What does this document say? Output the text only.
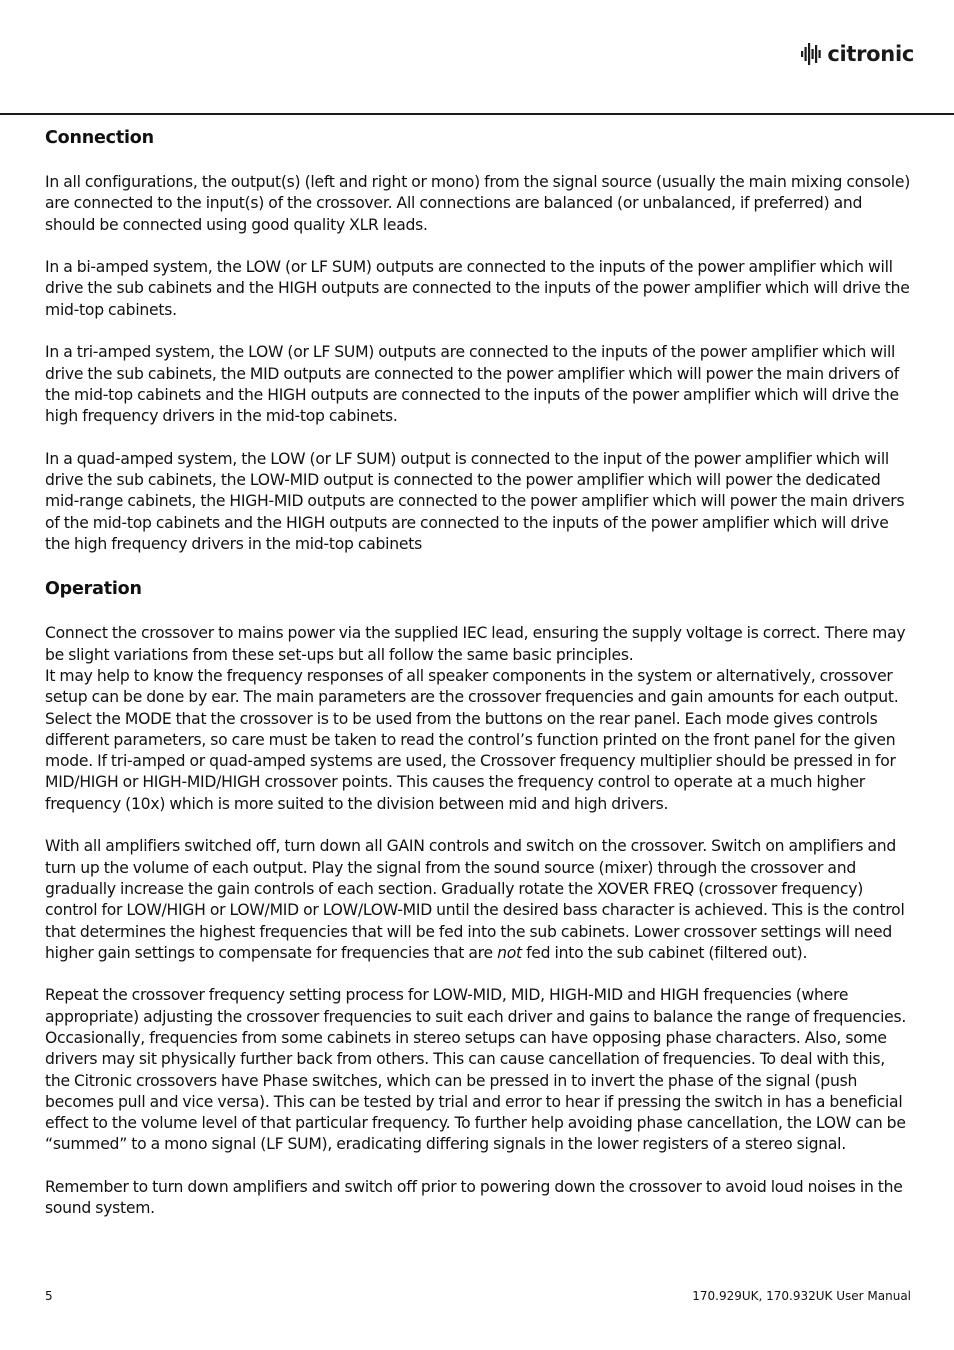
citronic
Connection

In all configurations, the output(s) (left and right or mono) from the signal source (usually the main mixing console) are connected to the input(s) of the crossover. All connections are balanced (or unbalanced, if preferred) and should be connected using good quality XLR leads.

In a bi-amped system, the LOW (or LF SUM) outputs are connected to the inputs of the power amplifier which will drive the sub cabinets and the HIGH outputs are connected to the inputs of the power amplifier which will drive the mid-top cabinets.

In a tri-amped system, the LOW (or LF SUM) outputs are connected to the inputs of the power amplifier which will drive the sub cabinets, the MID outputs are connected to the power amplifier which will power the main drivers of the mid-top cabinets and the HIGH outputs are connected to the inputs of the power amplifier which will drive the high frequency drivers in the mid-top cabinets.

In a quad-amped system, the LOW (or LF SUM) output is connected to the input of the power amplifier which will drive the sub cabinets, the LOW-MID output is connected to the power amplifier which will power the dedicated mid-range cabinets, the HIGH-MID outputs are connected to the power amplifier which will power the main drivers of the mid-top cabinets and the HIGH outputs are connected to the inputs of the power amplifier which will drive the high frequency drivers in the mid-top cabinets

Operation

Connect the crossover to mains power via the supplied IEC lead, ensuring the supply voltage is correct. There may be slight variations from these set-ups but all follow the same basic principles.

It may help to know the frequency responses of all speaker components in the system or alternatively, crossover setup can be done by ear. The main parameters are the crossover frequencies and gain amounts for each output. Select the MODE that the crossover is to be used from the buttons on the rear panel. Each mode gives controls different parameters, so care must be taken to read the control’s function printed on the front panel for the given mode. If tri-amped or quad-amped systems are used, the Crossover frequency multiplier should be pressed in for MID/HIGH or HIGH-MID/HIGH crossover points. This causes the frequency control to operate at a much higher frequency (10x) which is more suited to the division between mid and high drivers.

With all amplifiers switched off, turn down all GAIN controls and switch on the crossover. Switch on amplifiers and turn up the volume of each output. Play the signal from the sound source (mixer) through the crossover and gradually increase the gain controls of each section. Gradually rotate the XOVER FREQ (crossover frequency) control for LOW/HIGH or LOW/MID or LOW/LOW-MID until the desired bass character is achieved. This is the control that determines the highest frequencies that will be fed into the sub cabinets. Lower crossover settings will need higher gain settings to compensate for frequencies that are not fed into the sub cabinet (filtered out).

Repeat the crossover frequency setting process for LOW-MID, MID, HIGH-MID and HIGH frequencies (where appropriate) adjusting the crossover frequencies to suit each driver and gains to balance the range of frequencies. Occasionally, frequencies from some cabinets in stereo setups can have opposing phase characters. Also, some drivers may sit physically further back from others. This can cause cancellation of frequencies. To deal with this, the Citronic crossovers have Phase switches, which can be pressed in to invert the phase of the signal (push becomes pull and vice versa). This can be tested by trial and error to hear if pressing the switch in has a beneficial effect to the volume level of that particular frequency. To further help avoiding phase cancellation, the LOW can be “summed” to a mono signal (LF SUM), eradicating differing signals in the lower registers of a stereo signal.

Remember to turn down amplifiers and switch off prior to powering down the crossover to avoid loud noises in the sound system.

5	170.929UK, 170.932UK User Manual
